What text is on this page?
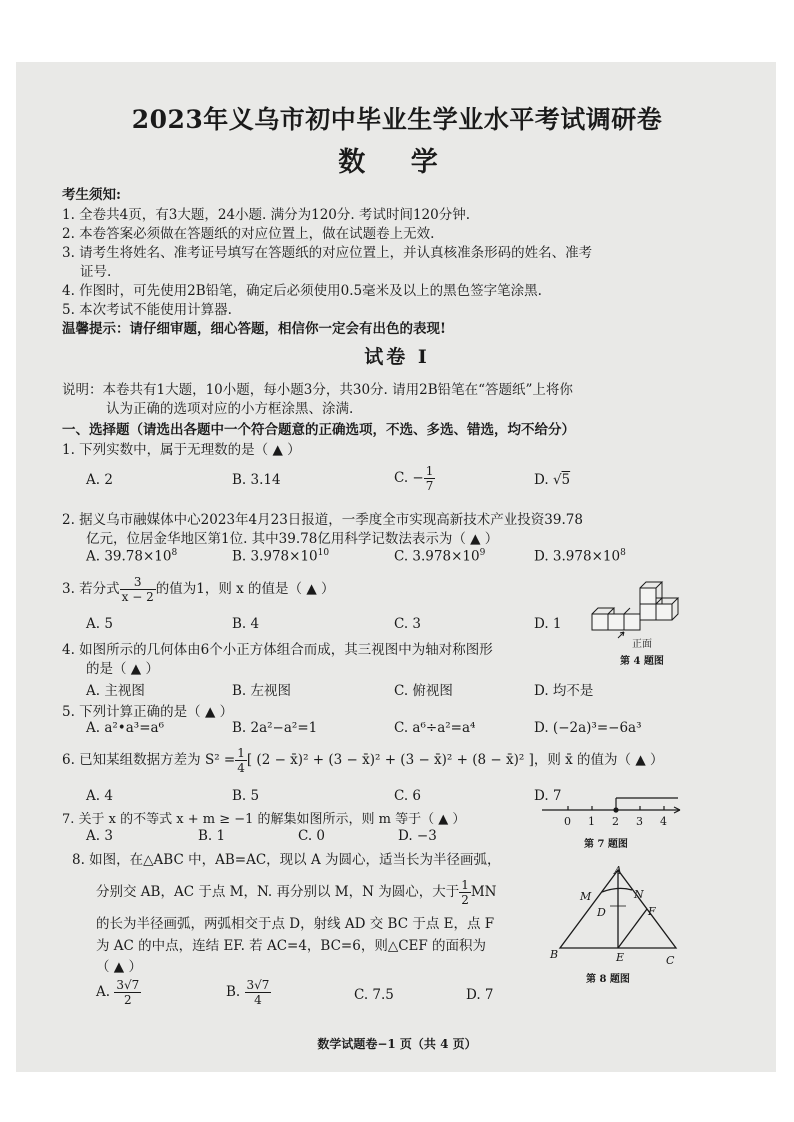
2023年义乌市初中毕业生学业水平考试调研卷
数 学
考生须知:
1. 全卷共4页，有3大题，24小题. 满分为120分. 考试时间120分钟.
2. 本卷答案必须做在答题纸的对应位置上，做在试题卷上无效.
3. 请考生将姓名、准考证号填写在答题纸的对应位置上，并认真核准条形码的姓名、准考
证号.
4. 作图时，可先使用2B铅笔，确定后必须使用0.5毫米及以上的黑色签字笔涂黑.
5. 本次考试不能使用计算器.
温馨提示：请仔细审题，细心答题，相信你一定会有出色的表现!
试卷 I
说明：本卷共有1大题，10小题，每小题3分，共30分. 请用2B铅笔在“答题纸”上将你
认为正确的选项对应的小方框涂黑、涂满.
一、选择题（请选出各题中一个符合题意的正确选项，不选、多选、错选，均不给分）
1. 下列实数中，属于无理数的是（ ▲ ）
A. 2	B. 3.14	C. − $\frac{1}{7}$	D. √5
2. 据义乌市融媒体中心2023年4月23日报道，一季度全市实现高新技术产业投资39.78
亿元，位居金华地区第1位. 其中39.78亿用科学记数法表示为（ ▲ ）
A. $39.78\times 10^8$	B. $3.978\times 10^{10}$	C. $3.978\times 10^9$	D. $3.978\times 10^8$
3. 若分式 $\frac{3}{x - 2}$ 的值为1，则 x 的值是（ ▲ ）
A. 5	B. 4	C. 3	D. 1
正面
第 4 题图
4. 如图所示的几何体由6个小正方体组合而成，其三视图中为轴对称图形
的是（ ▲ ）
A. 主视图	B. 左视图	C. 俯视图	D. 均不是
5. 下列计算正确的是（ ▲ ）
A. a²•a³=a⁶	B. 2a²−a²=1	C. a⁶÷a²=a⁴	D. (−2a)³=−6a³
6. 已知某组数据方差为 $S^2 = \frac{1}{4}$ [ (2 − x̄)² + (3 − x̄)² + (3 − x̄)² + (8 − x̄)² ]，则 x̄ 的值为（ ▲ ）
A. 4	B. 5	C. 6	D. 7
7. 关于 x 的不等式 x + m ≥ −1 的解集如图所示，则 m 等于（ ▲ ）
A. 3	B. 1	C. 0	D. −3
0 1 2 3 4
第 7 题图
8. 如图，在△ABC 中，AB=AC，现以 A 为圆心，适当长为半径画弧，
分别交 AB，AC 于点 M，N. 再分别以 M，N 为圆心，大于 $\frac{1}{2}$ MN
的长为半径画弧，两弧相交于点 D，射线 AD 交 BC 于点 E，点 F
为 AC 的中点，连结 EF. 若 AC=4，BC=6，则△CEF 的面积为
（ ▲ ）
A. $\frac{3√7}{2}$	B. $\frac{3√7}{4}$	C. 7.5	D. 7
A
B	C
D
E
F
M	N
第 8 题图
数学试题卷−1 页（共 4 页）
